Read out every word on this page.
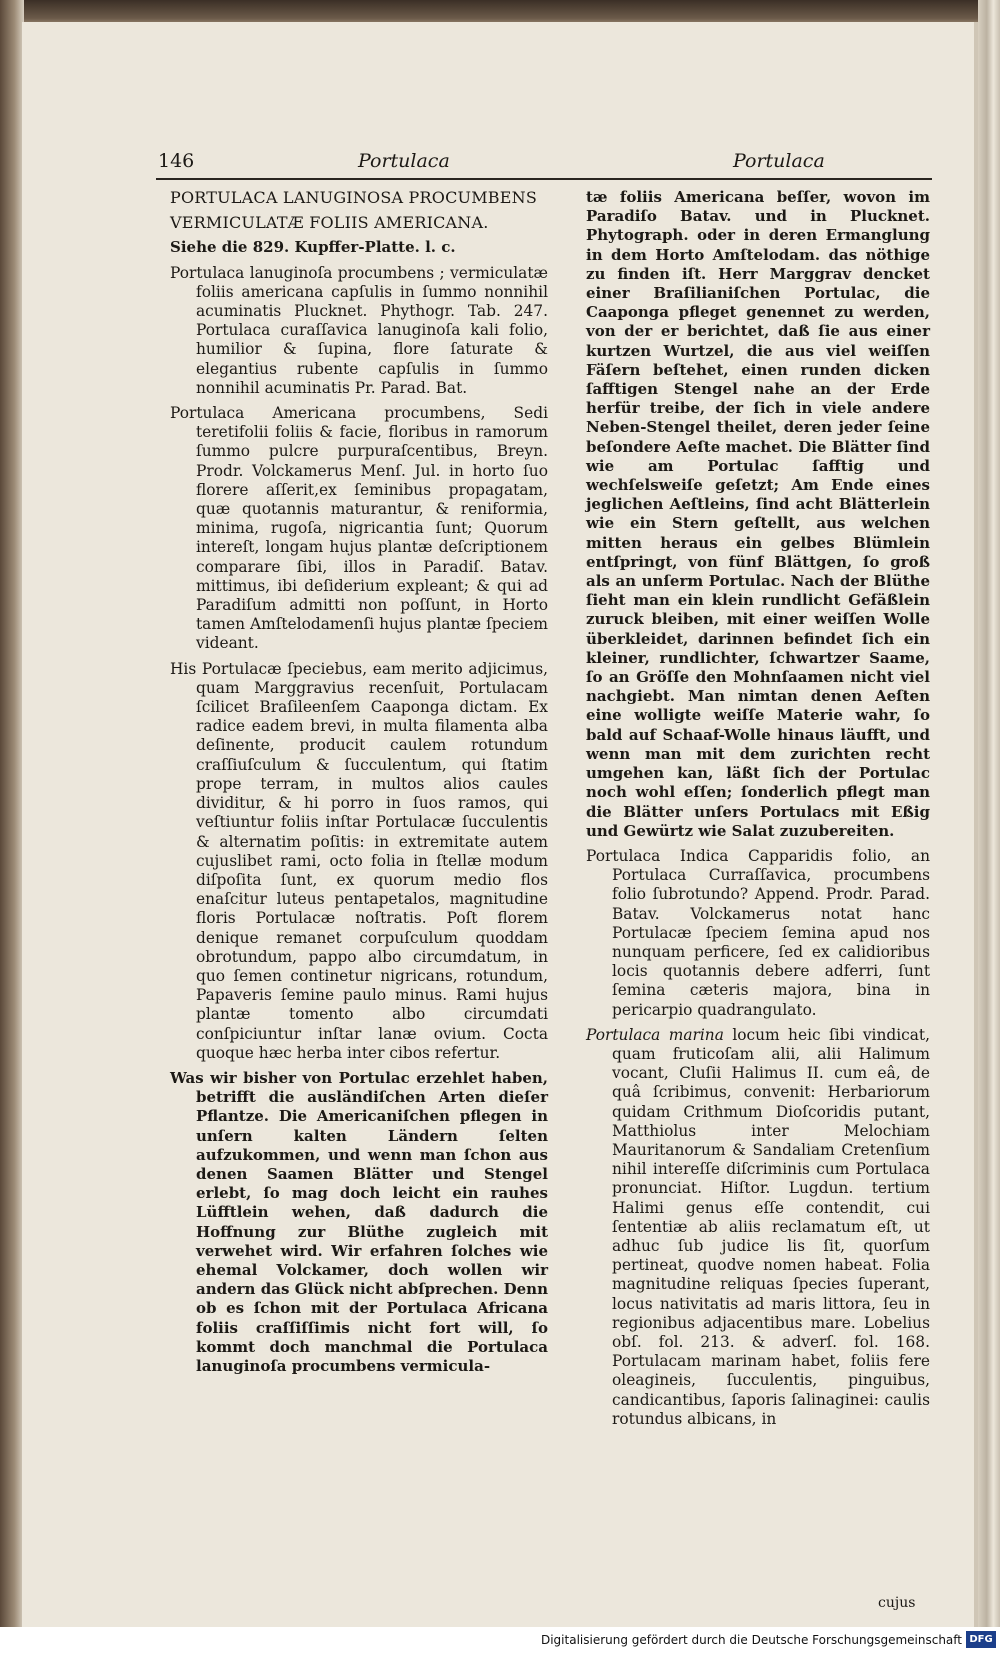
146	Portulaca	Portulaca

PORTULACA LANUGINOSA PROCUMBENS

VERMICULATÆ FOLIIS AMERICANA.

Siehe die 829. Kupffer-Platte. l. c.

Portulaca lanuginoſa procumbens ; vermiculatæ foliis americana capſulis in ſummo nonnihil acuminatis Plucknet. Phythogr. Tab. 247. Portulaca curaſſavica lanuginoſa kali folio, humilior & ſupina, flore ſaturate & elegantius rubente capſulis in ſummo nonnihil acuminatis Pr. Parad. Bat.

Portulaca Americana procumbens, Sedi teretifolii foliis & facie, floribus in ramorum ſummo pulcre purpuraſcentibus, Breyn. Prodr. Volckamerus Menſ. Jul. in horto ſuo florere aſſerit,ex ſeminibus propagatam, quæ quotannis maturantur, & reniformia, minima, rugoſa, nigricantia ſunt; Quorum intereſt, longam hujus plantæ deſcriptionem comparare ſibi, illos in Paradiſ. Batav. mittimus, ibi deſiderium explеant; & qui ad Paradiſum admitti non poſſunt, in Horto tamen Amſtelodamenſi hujus plantæ ſpeciem videant.

His Portulacæ ſpeciebus, eam merito adjicimus, quam Marggravius recenſuit, Portulacam ſcilicet Braſileenſem Caaponga dictam. Ex radice eadem brevi, in multa filamenta alba deſinente, producit caulem rotundum craſſiuſculum & ſucculentum, qui ſtatim prope terram, in multos alios caules dividitur, & hi porro in ſuos ramos, qui veſtiuntur foliis inſtar Portulacæ ſucculentis & alternatim poſitis: in extremitate autem cujuslibet rami, octo folia in ſtellæ modum diſpoſita ſunt, ex quorum medio flos enaſcitur luteus pentapetalos, magnitudine floris Portulacæ noſtratis. Poſt florem denique remanet corpuſculum quoddam obrotundum, pappo albo circumdatum, in quo ſemen continetur nigricans, rotundum, Papaveris ſemine paulo minus. Rami hujus plantæ tomento albo circumdati conſpiciuntur inſtar lanæ ovium. Cocta quoque hæc herba inter cibos refertur.

Was wir bisher von Portulac erzehlet haben, betrifft die ausländiſchen Arten dieſer Pflantze. Die Americaniſchen pflegen in unſern kalten Ländern ſelten aufzukommen, und wenn man ſchon aus denen Saamen Blätter und Stengel erlebt, ſo mag doch leicht ein rauhes Lüfftlein wehen, daß dadurch die Hoffnung zur Blüthe zugleich mit verwehet wird. Wir erfahren ſolches wie ehemal Volckamer, doch wollen wir andern das Glück nicht abſprechen. Denn ob es ſchon mit der Portulaca Africana foliis craſſiſſimis nicht fort will, ſo kommt doch manchmal die Portulaca lanuginoſa procumbens vermicula-

tæ foliis Americana beſſer, wovon im Paradiſo Batav. und in Plucknet. Phytograph. oder in deren Ermanglung in dem Horto Amſtelodam. das nöthige zu finden iſt. Herr Marggrav dencket einer Braſilianiſchen Portulac, die Caaponga pfleget genennet zu werden, von der er berichtet, daß ſie aus einer kurtzen Wurtzel, die aus viel weiſſen Fäſern beſtehet, einen runden dicken ſafftigen Stengel nahe an der Erde herfür treibe, der ſich in viele andere Neben-Stengel theilet, deren jeder ſeine beſondere Aeſte machet. Die Blätter ſind wie am Portulac ſafftig und wechſelsweiſe geſetzt; Am Ende eines jeglichen Aeſtleins, ſind acht Blätterlein wie ein Stern geſtellt, aus welchen mitten heraus ein gelbes Blümlein entſpringt, von fünf Blättgen, ſo groß als an unſerm Portulac. Nach der Blüthe ſieht man ein klein rundlicht Gefäßlein zuruck bleiben, mit einer weiſſen Wolle überkleidet, darinnen befindet ſich ein kleiner, rundlichter, ſchwartzer Saame, ſo an Gröſſe den Mohnſaamen nicht viel nachgiebt. Man nimtan denen Aeſten eine wolligte weiſſe Materie wahr, ſo bald auf Schaaf-Wolle hinaus läufft, und wenn man mit dem zurichten recht umgehen kan, läßt ſich der Portulac noch wohl eſſen; ſonderlich pflegt man die Blätter unſers Portulacs mit Eßig und Gewürtz wie Salat zuzubereiten.

Portulaca Indica Capparidis folio, an Portulaca Curraſſavica, procumbens folio ſubrotundo? Append. Prodr. Parad. Batav. Volckamerus notat hanc Portulacæ ſpeciem ſemina apud nos nunquam perficere, ſed ex calidioribus locis quotannis debere adferri, ſunt ſemina cæteris majora, bina in pericarpio quadrangulato.

Portulaca marina locum heic ſibi vindicat, quam fruticoſam alii, alii Halimum vocant, Cluſii Halimus II. cum eâ, de quâ ſcribimus, convenit: Herbariorum quidam Crithmum Dioſcoridis putant, Matthiolus inter Melochiam Mauritanorum & Sandaliam Cretenſium nihil intereſſe diſcriminis cum Portulaca pronunciat. Hiſtor. Lugdun. tertium Halimi genus eſſe contendit, cui ſententiæ ab aliis reclamatum eſt, ut adhuc ſub judice lis ſit, quorſum pertineat, quodve nomen habeat. Folia magnitudine reliquas ſpecies ſuperant, locus nativitatis ad maris littora, ſeu in regionibus adjacentibus mare. Lobelius obſ. fol. 213. & adverſ. fol. 168. Portulacam marinam habet, foliis fere oleagineis, ſucculentis, pinguibus, candicantibus, ſaporis ſalinaginei: caulis rotundus albicans, in

cujus
Digitalisierung gefördert durch die Deutsche Forschungsgemeinschaft DFG
